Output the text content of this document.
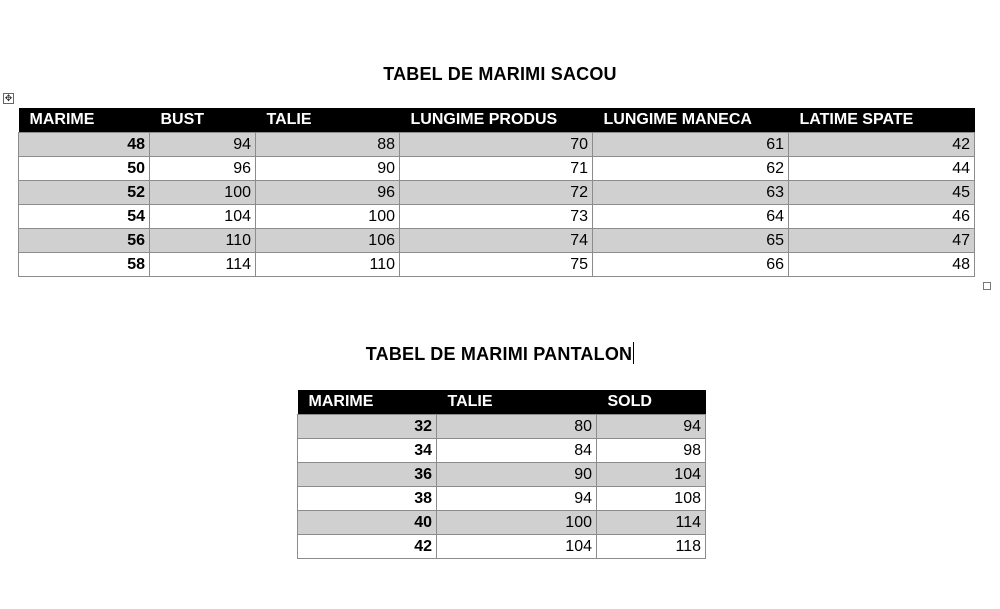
TABEL DE MARIMI SACOU
✥
MARIME	BUST	TALIE	LUNGIME PRODUS	LUNGIME MANECA	LATIME SPATE
48	94	88	70	61	42
50	96	90	71	62	44
52	100	96	72	63	45
54	104	100	73	64	46
56	110	106	74	65	47
58	114	110	75	66	48
TABEL DE MARIMI PANTALON
MARIME	TALIE	SOLD
32	80	94
34	84	98
36	90	104
38	94	108
40	100	114
42	104	118
